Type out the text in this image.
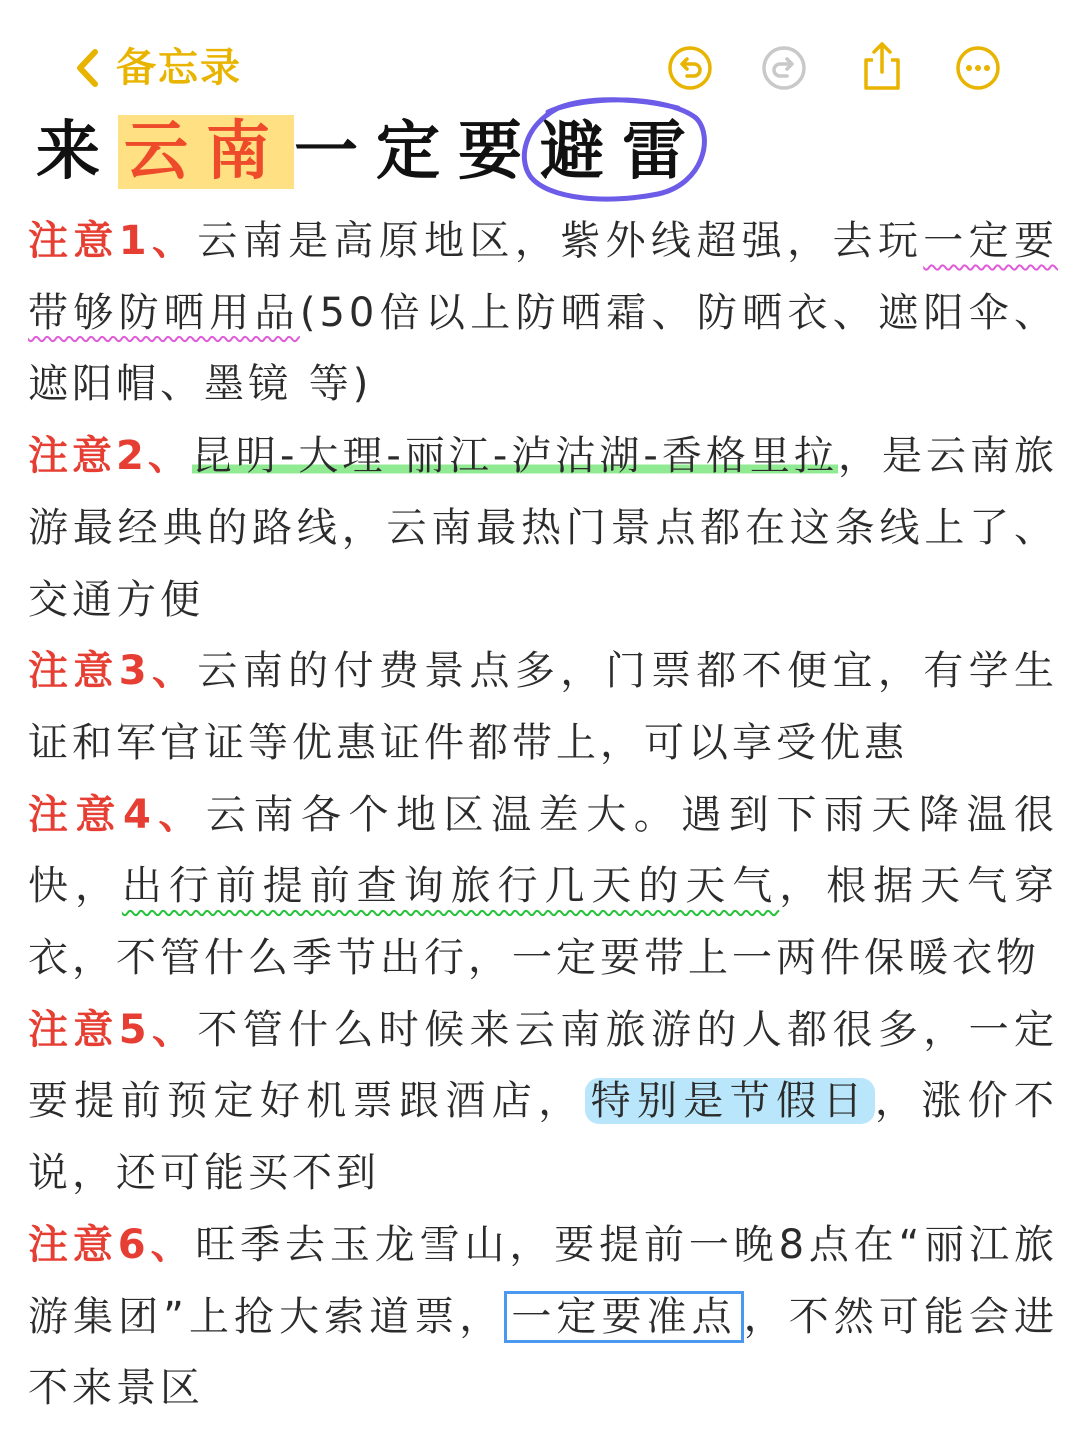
备忘录
来云南一定要
避雷

注意1、云南是高原地区，紫外线超强，去玩一定要带够防晒用品(50倍以上防晒霜、防晒衣、遮阳伞、遮阳帽、墨镜 等)

注意2、昆明-大理-丽江-泸沽湖-香格里拉，是云南旅游最经典的路线，云南最热门景点都在这条线上了、交通方便

注意3、云南的付费景点多，门票都不便宜，有学生证和军官证等优惠证件都带上，可以享受优惠

注意4、云南各个地区温差大。遇到下雨天降温很快，出行前提前查询旅行几天的天气，根据天气穿衣，不管什么季节出行，一定要带上一两件保暖衣物

注意5、不管什么时候来云南旅游的人都很多，一定要提前预定好机票跟酒店， 特别是节假日 ，涨价不说，还可能买不到

注意6、旺季去玉龙雪山，要提前一晚8点在“丽江旅游集团”上抢大索道票， 一定要准点 ，不然可能会进不来景区
